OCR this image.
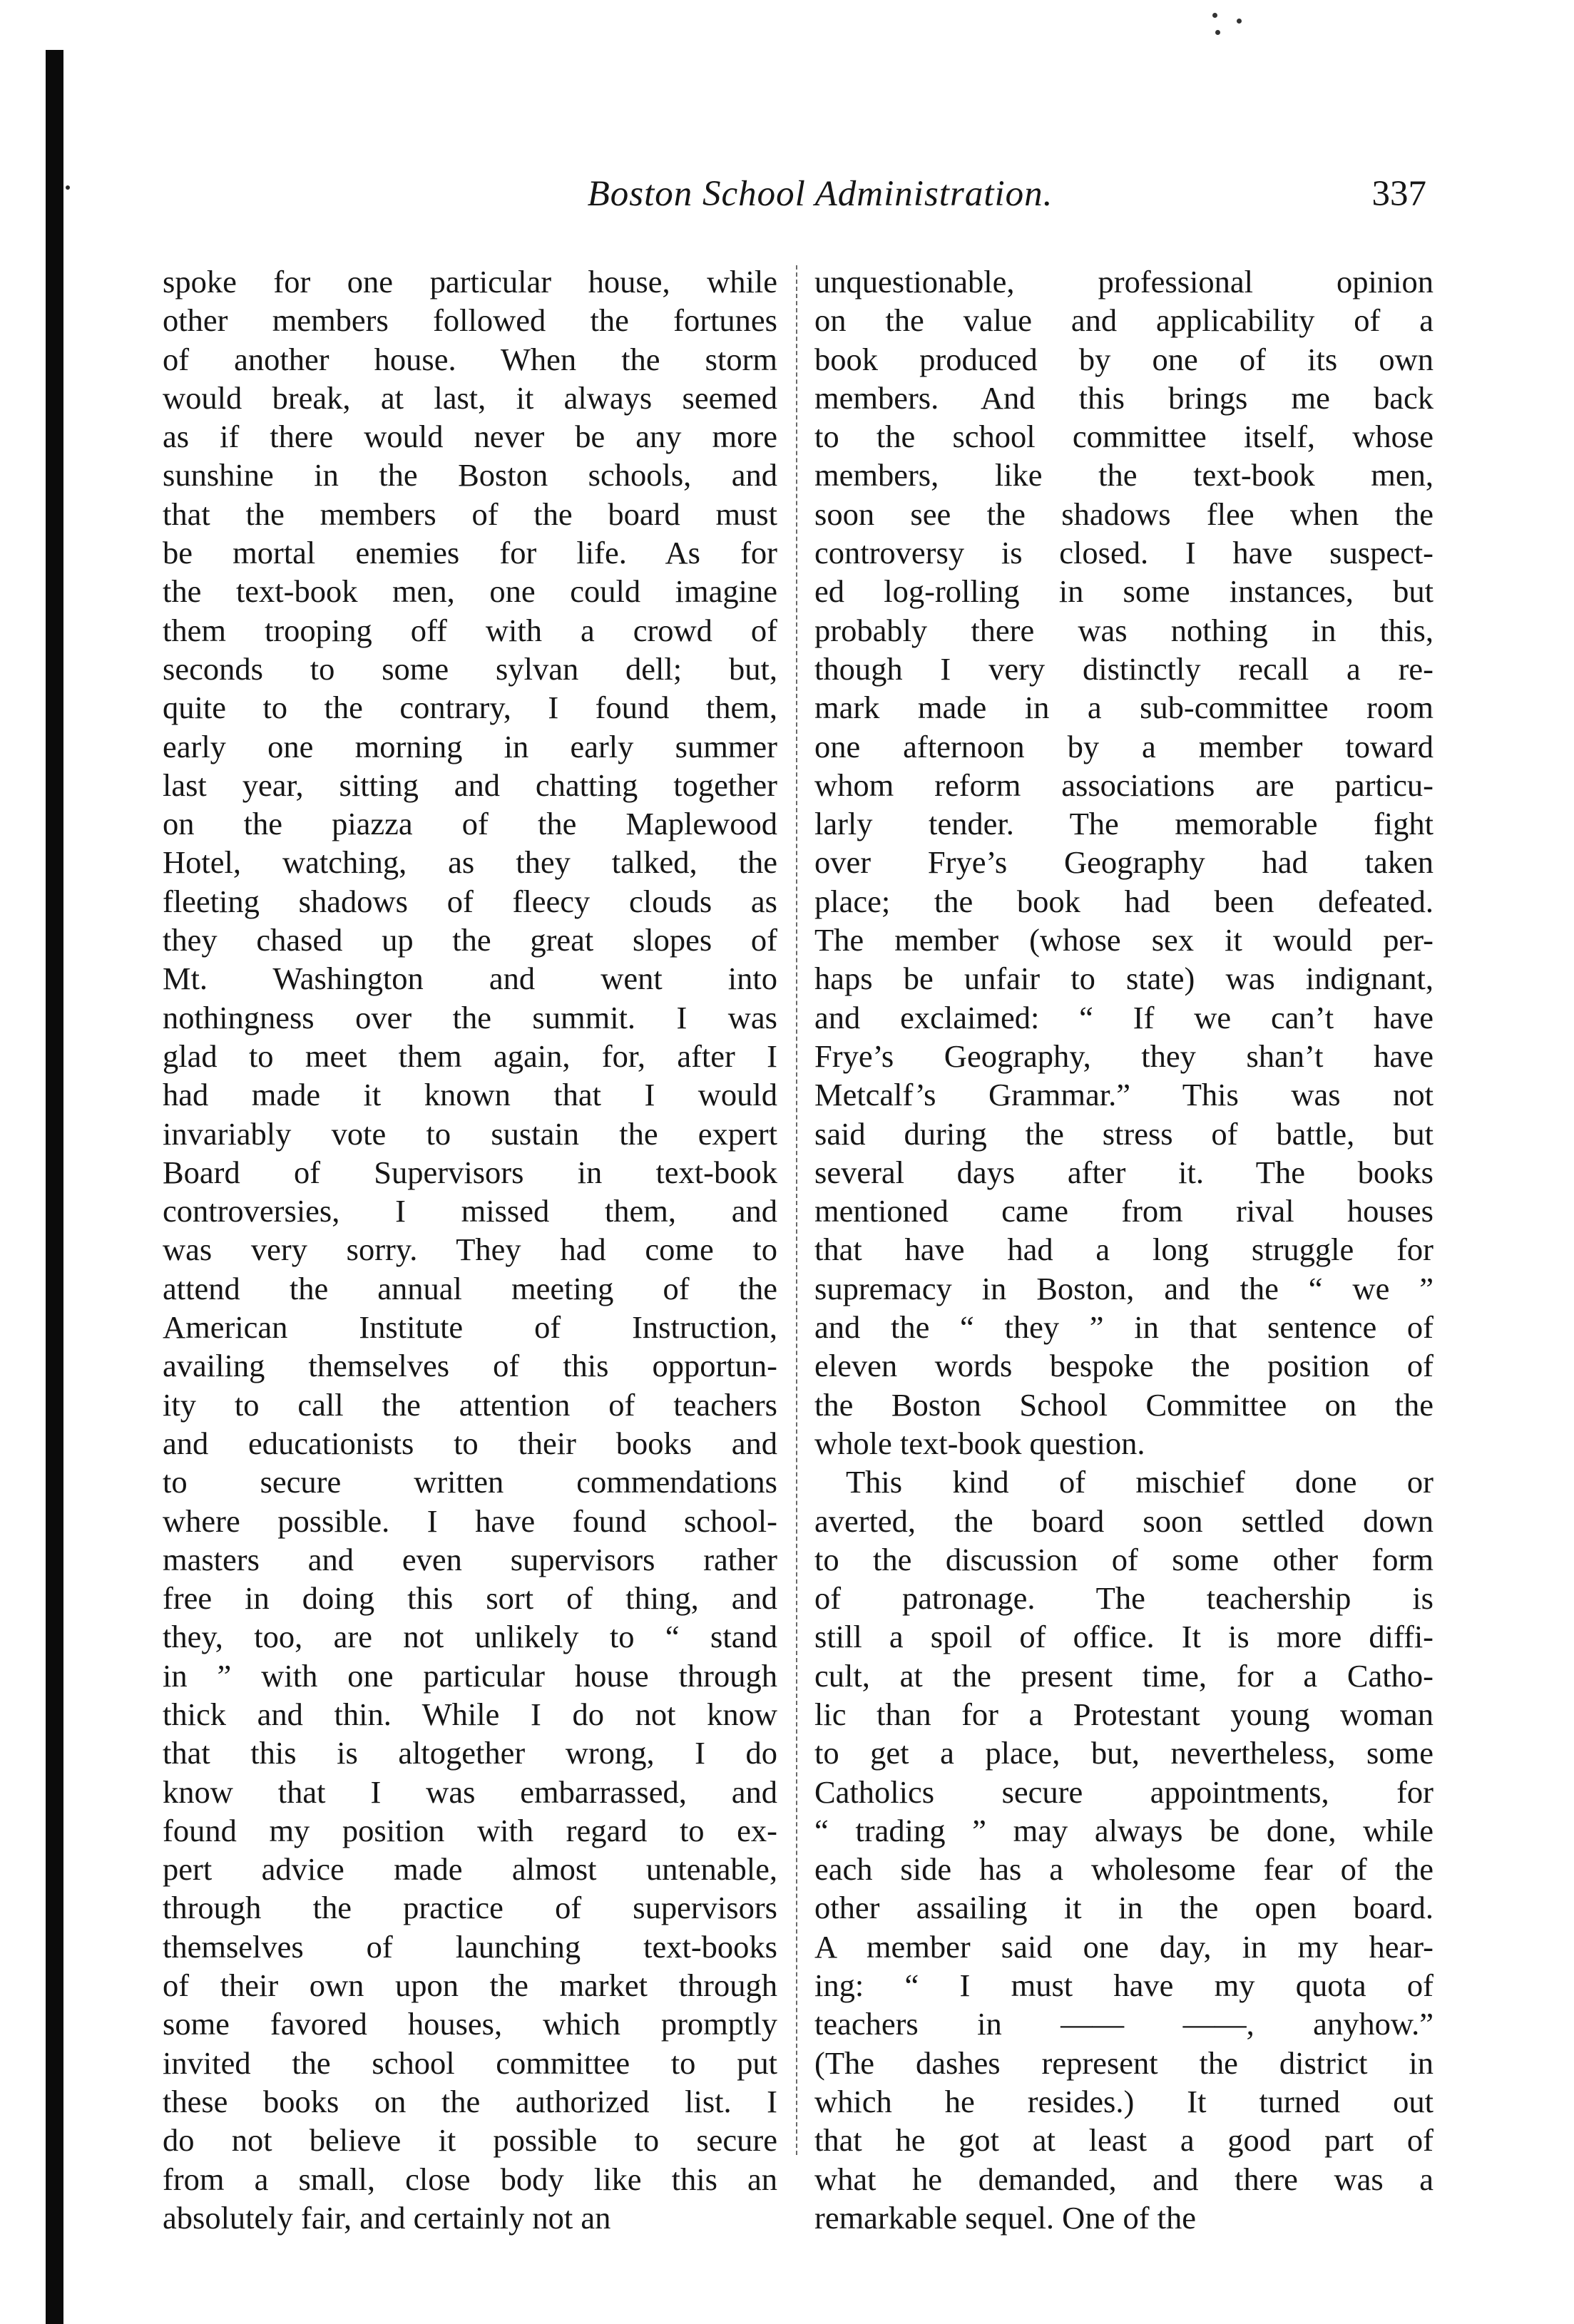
Boston School Administration.	337
spoke for one particular house, while
other members followed the fortunes
of another house. When the storm
would break, at last, it always seemed
as if there would never be any more
sunshine in the Boston schools, and
that the members of the board must
be mortal enemies for life. As for
the text-book men, one could imagine
them trooping off with a crowd of
seconds to some sylvan dell; but,
quite to the contrary, I found them,
early one morning in early summer
last year, sitting and chatting together
on the piazza of the Maplewood
Hotel, watching, as they talked, the
fleeting shadows of fleecy clouds as
they chased up the great slopes of
Mt. Washington and went into
nothingness over the summit. I was
glad to meet them again, for, after I
had made it known that I would
invariably vote to sustain the expert
Board of Supervisors in text-book
controversies, I missed them, and
was very sorry. They had come to
attend the annual meeting of the
American Institute of Instruction,
availing themselves of this opportun-
ity to call the attention of teachers
and educationists to their books and
to secure written commendations
where possible. I have found school-
masters and even supervisors rather
free in doing this sort of thing, and
they, too, are not unlikely to “ stand
in ” with one particular house through
thick and thin. While I do not know
that this is altogether wrong, I do
know that I was embarrassed, and
found my position with regard to ex-
pert advice made almost untenable,
through the practice of supervisors
themselves of launching text-books
of their own upon the market through
some favored houses, which promptly
invited the school committee to put
these books on the authorized list. I
do not believe it possible to secure
from a small, close body like this an
absolutely fair, and certainly not an
unquestionable, professional opinion
on the value and applicability of a
book produced by one of its own
members. And this brings me back
to the school committee itself, whose
members, like the text-book men,
soon see the shadows flee when the
controversy is closed. I have suspect-
ed log-rolling in some instances, but
probably there was nothing in this,
though I very distinctly recall a re-
mark made in a sub-committee room
one afternoon by a member toward
whom reform associations are particu-
larly tender. The memorable fight
over Frye’s Geography had taken
place; the book had been defeated.
The member (whose sex it would per-
haps be unfair to state) was indignant,
and exclaimed: “ If we can’t have
Frye’s Geography, they shan’t have
Metcalf’s Grammar.” This was not
said during the stress of battle, but
several days after it. The books
mentioned came from rival houses
that have had a long struggle for
supremacy in Boston, and the “ we ”
and the “ they ” in that sentence of
eleven words bespoke the position of
the Boston School Committee on the
whole text-book question.
This kind of mischief done or
averted, the board soon settled down
to the discussion of some other form
of patronage. The teachership is
still a spoil of office. It is more diffi-
cult, at the present time, for a Catho-
lic than for a Protestant young woman
to get a place, but, nevertheless, some
Catholics secure appointments, for
“ trading ” may always be done, while
each side has a wholesome fear of the
other assailing it in the open board.
A member said one day, in my hear-
ing: “ I must have my quota of
teachers in —— ——, anyhow.”
(The dashes represent the district in
which he resides.) It turned out
that he got at least a good part of
what he demanded, and there was a
remarkable sequel. One of the
